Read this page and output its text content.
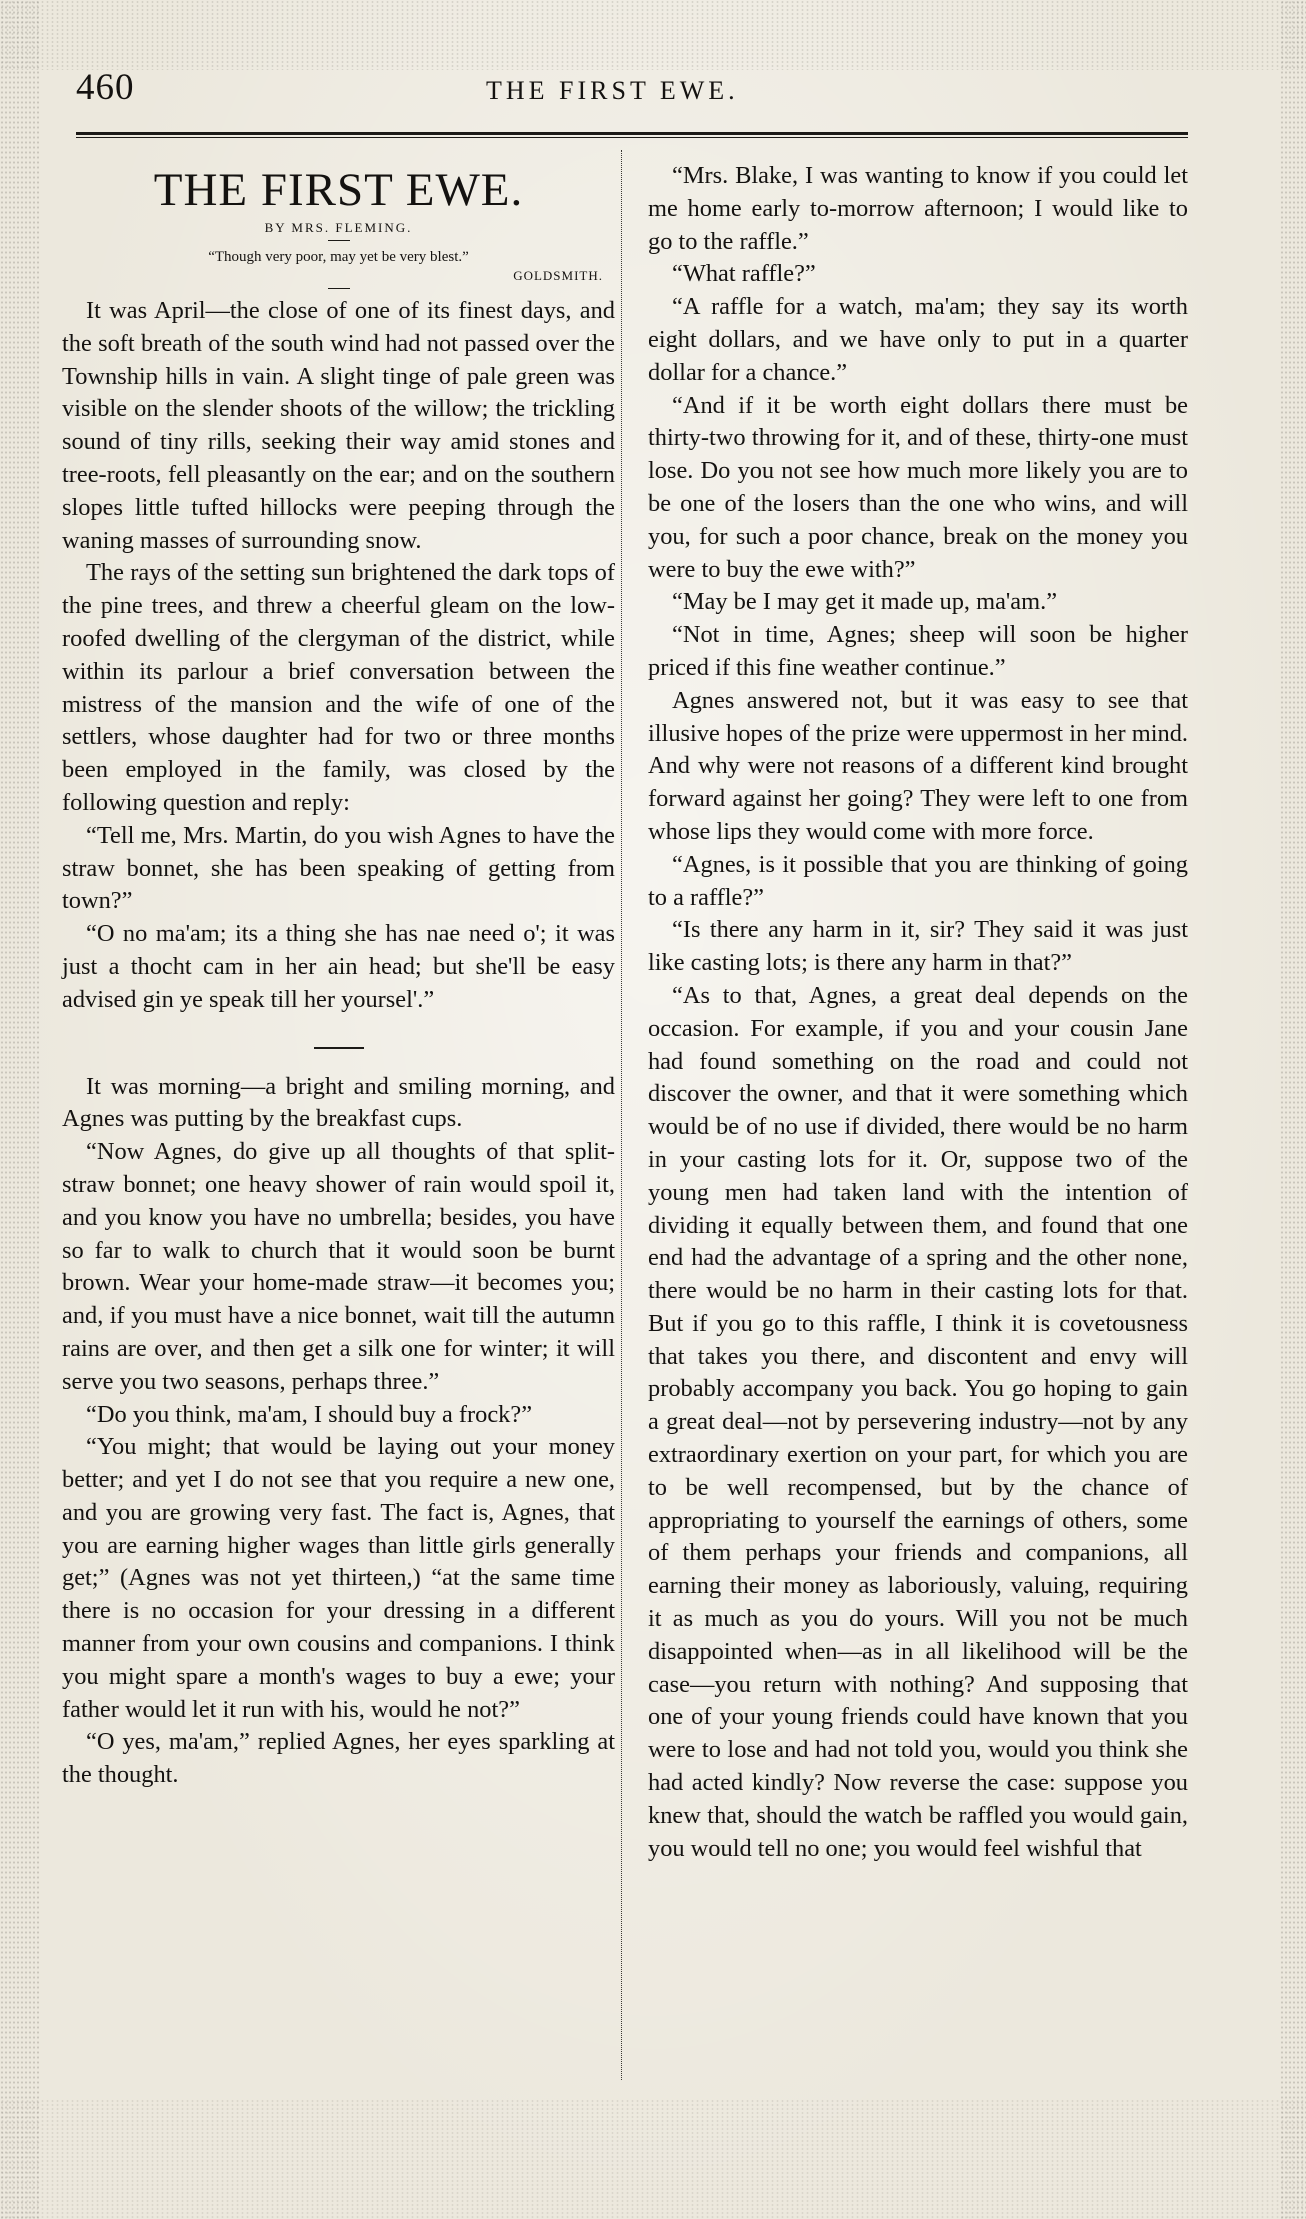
460	THE FIRST EWE.
THE FIRST EWE.
BY MRS. FLEMING.
“Though very poor, may yet be very blest.”
GOLDSMITH.

It was April—the close of one of its finest days, and the soft breath of the south wind had not passed over the Township hills in vain. A slight tinge of pale green was visible on the slender shoots of the willow; the trickling sound of tiny rills, seeking their way amid stones and tree-roots, fell pleasantly on the ear; and on the southern slopes little tufted hillocks were peeping through the waning masses of surrounding snow.

The rays of the setting sun brightened the dark tops of the pine trees, and threw a cheerful gleam on the low-roofed dwelling of the clergyman of the district, while within its parlour a brief conversation between the mistress of the mansion and the wife of one of the settlers, whose daughter had for two or three months been employed in the family, was closed by the following question and reply:

“Tell me, Mrs. Martin, do you wish Agnes to have the straw bonnet, she has been speaking of getting from town?”

“O no ma'am; its a thing she has nae need o'; it was just a thocht cam in her ain head; but she'll be easy advised gin ye speak till her yoursel'.”

It was morning—a bright and smiling morning, and Agnes was putting by the breakfast cups.

“Now Agnes, do give up all thoughts of that split-straw bonnet; one heavy shower of rain would spoil it, and you know you have no umbrella; besides, you have so far to walk to church that it would soon be burnt brown. Wear your home-made straw—it becomes you; and, if you must have a nice bonnet, wait till the autumn rains are over, and then get a silk one for winter; it will serve you two seasons, perhaps three.”

“Do you think, ma'am, I should buy a frock?”

“You might; that would be laying out your money better; and yet I do not see that you require a new one, and you are growing very fast. The fact is, Agnes, that you are earning higher wages than little girls generally get;” (Agnes was not yet thirteen,) “at the same time there is no occasion for your dressing in a different manner from your own cousins and companions. I think you might spare a month's wages to buy a ewe; your father would let it run with his, would he not?”

“O yes, ma'am,” replied Agnes, her eyes sparkling at the thought.

“Mrs. Blake, I was wanting to know if you could let me home early to-morrow afternoon; I would like to go to the raffle.”

“What raffle?”

“A raffle for a watch, ma'am; they say its worth eight dollars, and we have only to put in a quarter dollar for a chance.”

“And if it be worth eight dollars there must be thirty-two throwing for it, and of these, thirty-one must lose. Do you not see how much more likely you are to be one of the losers than the one who wins, and will you, for such a poor chance, break on the money you were to buy the ewe with?”

“May be I may get it made up, ma'am.”

“Not in time, Agnes; sheep will soon be higher priced if this fine weather continue.”

Agnes answered not, but it was easy to see that illusive hopes of the prize were uppermost in her mind. And why were not reasons of a different kind brought forward against her going? They were left to one from whose lips they would come with more force.

“Agnes, is it possible that you are thinking of going to a raffle?”

“Is there any harm in it, sir? They said it was just like casting lots; is there any harm in that?”

“As to that, Agnes, a great deal depends on the occasion. For example, if you and your cousin Jane had found something on the road and could not discover the owner, and that it were something which would be of no use if divided, there would be no harm in your casting lots for it. Or, suppose two of the young men had taken land with the intention of dividing it equally between them, and found that one end had the advantage of a spring and the other none, there would be no harm in their casting lots for that. But if you go to this raffle, I think it is covetousness that takes you there, and discontent and envy will probably accompany you back. You go hoping to gain a great deal—not by persevering industry—not by any extraordinary exertion on your part, for which you are to be well recompensed, but by the chance of appropriating to yourself the earnings of others, some of them perhaps your friends and companions, all earning their money as laboriously, valuing, requiring it as much as you do yours. Will you not be much disappointed when—as in all likelihood will be the case—you return with nothing? And supposing that one of your young friends could have known that you were to lose and had not told you, would you think she had acted kindly? Now reverse the case: suppose you knew that, should the watch be raffled you would gain, you would tell no one; you would feel wishful that
